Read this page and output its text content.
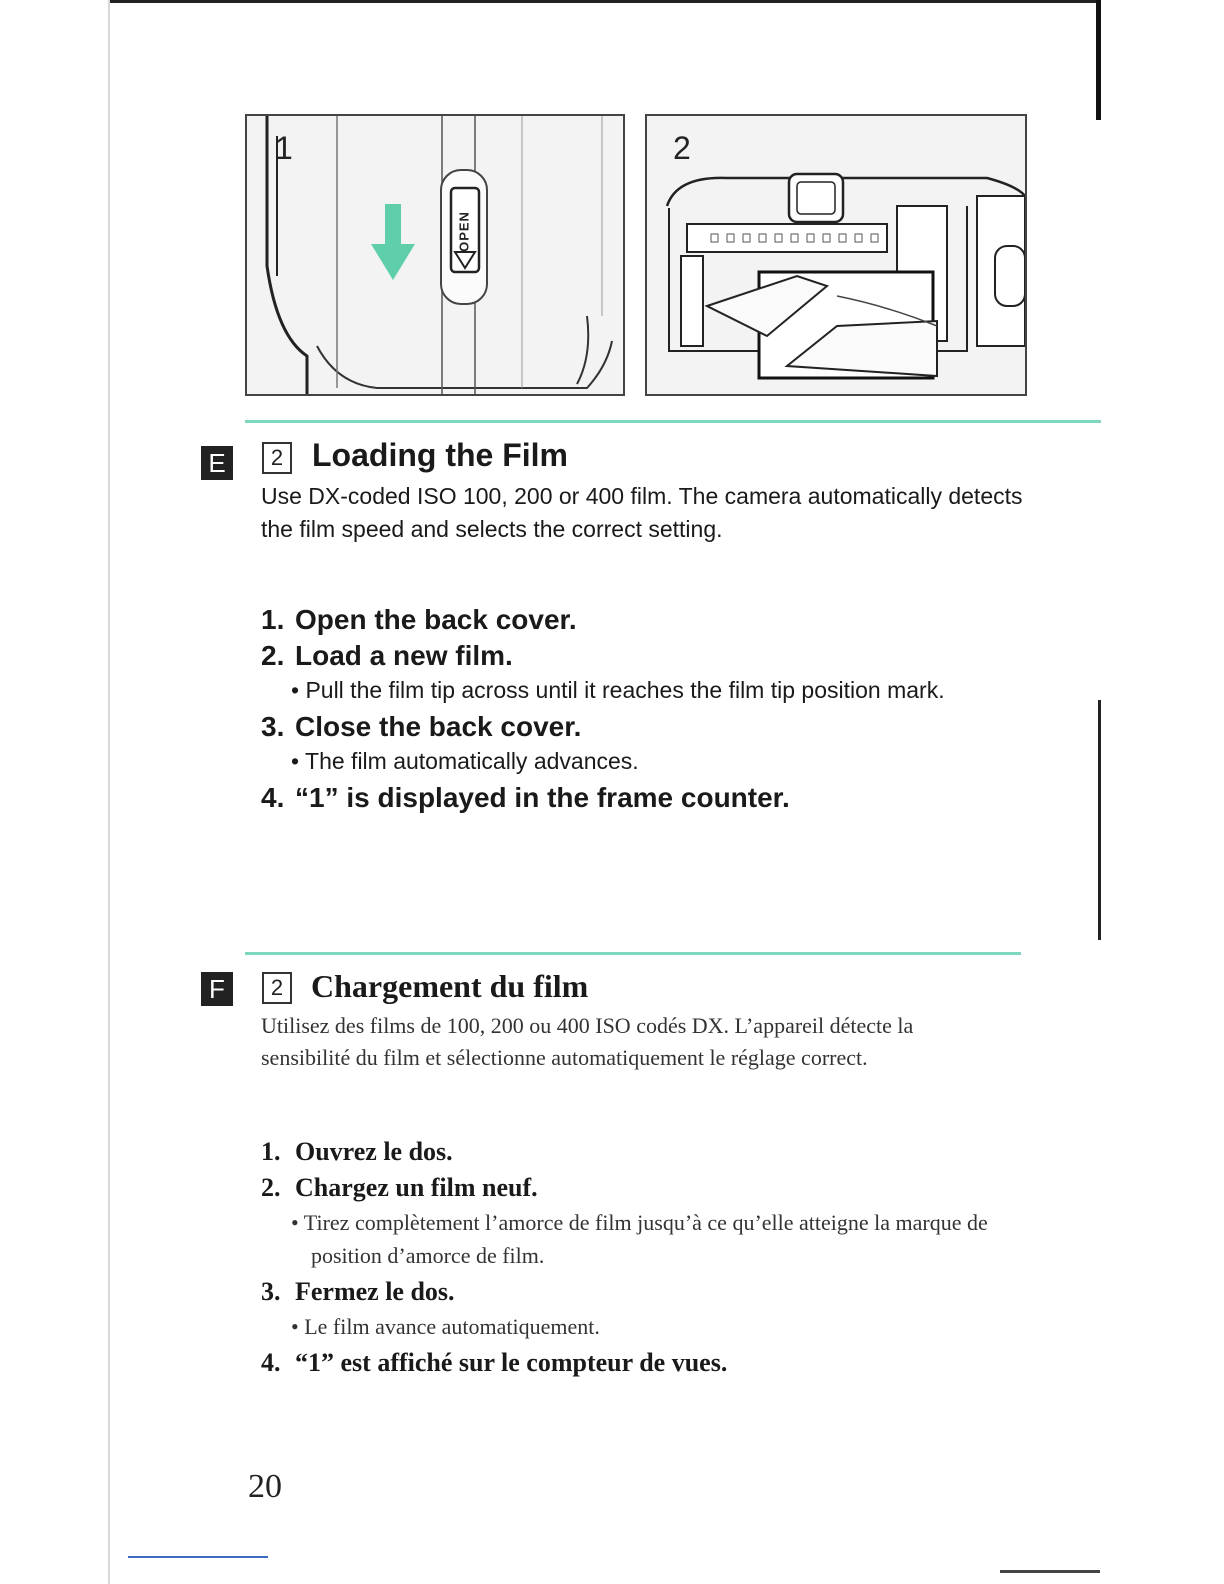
1
OPEN
2
E	2 Loading the Film
Use DX-coded ISO 100, 200 or 400 film. The camera automatically detects the film speed and selects the correct setting.
1. Open the back cover.
2. Load a new film.
• Pull the film tip across until it reaches the film tip position mark.
3. Close the back cover.
• The film automatically advances.
4. “1” is displayed in the frame counter.
F	2 Chargement du film
Utilisez des films de 100, 200 ou 400 ISO codés DX. L’appareil détecte la sensibilité du film et sélectionne automatiquement le réglage correct.
1. Ouvrez le dos.
2. Chargez un film neuf.
• Tirez complètement l’amorce de film jusqu’à ce qu’elle atteigne la marque de position d’amorce de film.
3. Fermez le dos.
• Le film avance automatiquement.
4. “1” est affiché sur le compteur de vues.
20
